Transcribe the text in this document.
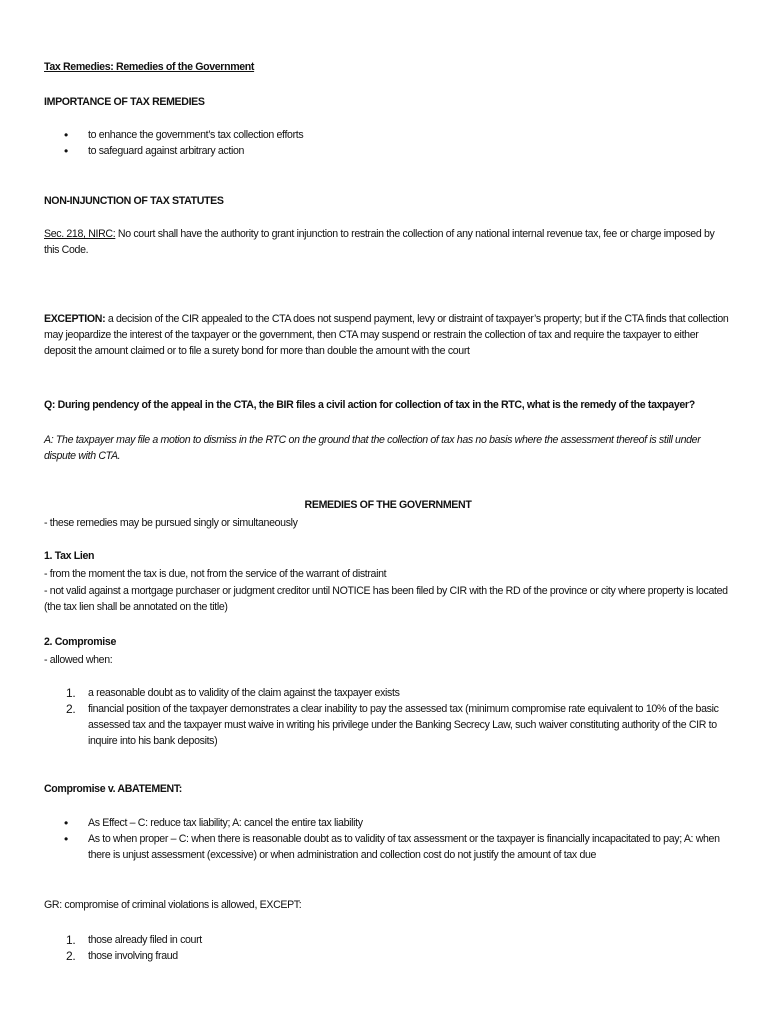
Tax Remedies: Remedies of the Government

IMPORTANCE OF TAX REMEDIES

• to enhance the government’s tax collection efforts
• to safeguard against arbitrary action

NON-INJUNCTION OF TAX STATUTES

Sec. 218, NIRC: No court shall have the authority to grant injunction to restrain the collection of any national internal revenue tax, fee or charge imposed by this Code.

EXCEPTION: a decision of the CIR appealed to the CTA does not suspend payment, levy or distraint of taxpayer’s property; but if the CTA finds that collection may jeopardize the interest of the taxpayer or the government, then CTA may suspend or restrain the collection of tax and require the taxpayer to either deposit the amount claimed or to file a surety bond for more than double the amount with the court

Q: During pendency of the appeal in the CTA, the BIR files a civil action for collection of tax in the RTC, what is the remedy of the taxpayer?

A: The taxpayer may file a motion to dismiss in the RTC on the ground that the collection of tax has no basis where the assessment thereof is still under dispute with CTA.

REMEDIES OF THE GOVERNMENT

- these remedies may be pursued singly or simultaneously

1. Tax Lien

- from the moment the tax is due, not from the service of the warrant of distraint

- not valid against a mortgage purchaser or judgment creditor until NOTICE has been filed by CIR with the RD of the province or city where property is located (the tax lien shall be annotated on the title)

2. Compromise

- allowed when:

1. a reasonable doubt as to validity of the claim against the taxpayer exists
2. financial position of the taxpayer demonstrates a clear inability to pay the assessed tax (minimum compromise rate equivalent to 10% of the basic assessed tax and the taxpayer must waive in writing his privilege under the Banking Secrecy Law, such waiver constituting authority of the CIR to inquire into his bank deposits)

Compromise v. ABATEMENT:

• As Effect – C: reduce tax liability; A: cancel the entire tax liability
• As to when proper – C: when there is reasonable doubt as to validity of tax assessment or the taxpayer is financially incapacitated to pay; A: when there is unjust assessment (excessive) or when administration and collection cost do not justify the amount of tax due

GR: compromise of criminal violations is allowed, EXCEPT:

1. those already filed in court
2. those involving fraud
